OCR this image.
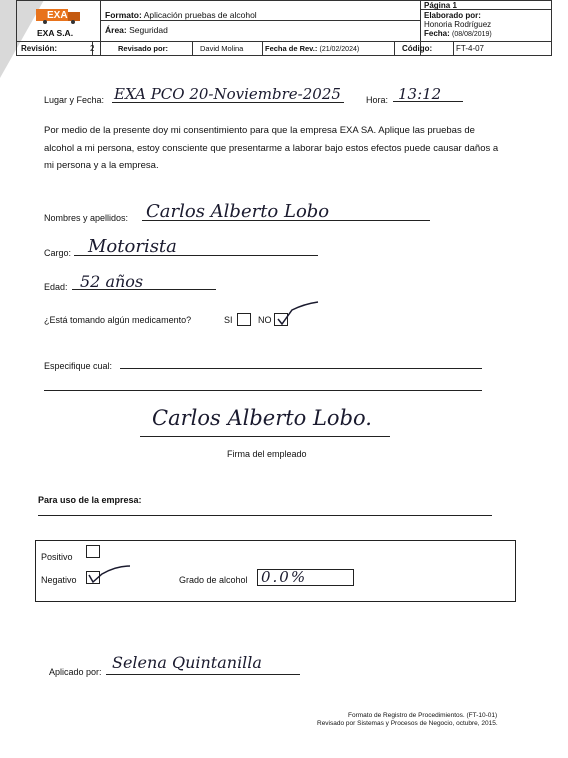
EXA
EXA S.A.
Formato: Aplicación pruebas de alcohol
Área: Seguridad
Página 1
Elaborado por:
Honoria Rodríguez
Fecha: (08/08/2019)
Revisión:	2	Revisado por:	David Molina	Fecha de Rev.: (21/02/2024)	Código:	FT-4-07
Lugar y Fecha: EXA PCO 20-Noviembre-2025	Hora: 13:12
Por medio de la presente doy mi consentimiento para que la empresa EXA SA. Aplique las pruebas de alcohol a mi persona, estoy consciente que presentarme a laborar bajo estos efectos puede causar daños a mi persona y a la empresa.
Nombres y apellidos: Carlos Alberto Lobo
Cargo: Motorista
Edad: 52 años
¿Está tomando algún medicamento?	SI	NO
Especifique cual:
Carlos Alberto Lobo.
Firma del empleado
Para uso de la empresa:
Positivo
Negativo	Grado de alcohol 0.0%
Aplicado por: Selena Quintanilla
Formato de Registro de Procedimientos. (FT-10-01)
Revisado por Sistemas y Procesos de Negocio, octubre, 2015.
